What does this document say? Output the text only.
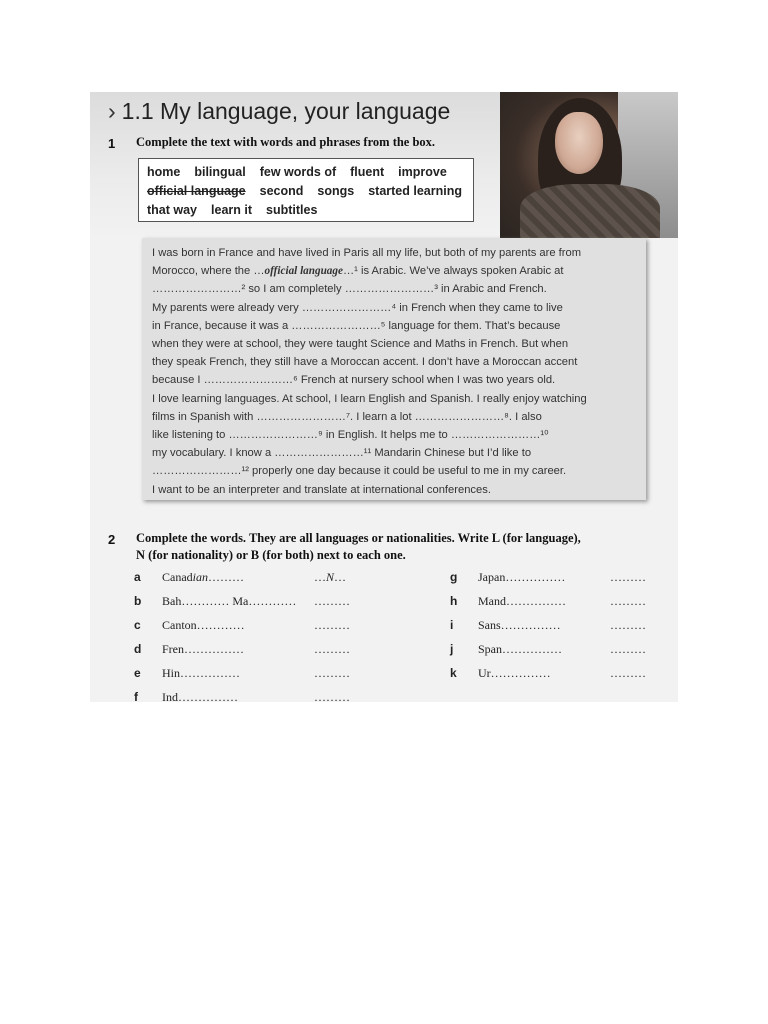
› 1.1 My language, your language
1 Complete the text with words and phrases from the box.
home bilingual few words of fluent improve
official language second songs started learning
that way learn it subtitles
I was born in France and have lived in Paris all my life, but both of my parents are from
Morocco, where the …official language…¹ is Arabic. We’ve always spoken Arabic at
……………………² so I am completely ……………………³ in Arabic and French.
My parents were already very ……………………⁴ in French when they came to live
in France, because it was a ……………………⁵ language for them. That’s because
when they were at school, they were taught Science and Maths in French. But when
they speak French, they still have a Moroccan accent. I don’t have a Moroccan accent
because I ……………………⁶ French at nursery school when I was two years old.
I love learning languages. At school, I learn English and Spanish. I really enjoy watching
films in Spanish with ……………………⁷. I learn a lot ……………………⁸. I also
like listening to ……………………⁹ in English. It helps me to ……………………¹⁰
my vocabulary. I know a ……………………¹¹ Mandarin Chinese but I’d like to
……………………¹² properly one day because it could be useful to me in my career.
I want to be an interpreter and translate at international conferences.
2 Complete the words. They are all languages or nationalities. Write L (for language),
N (for nationality) or B (for both) next to each one.
a Canadian………	…N…
b Bah………… Ma………… ………
c Canton…………	………
d Fren……………	………
e Hin……………	………
f Ind……………	………
g Japan……………	………
h Mand……………	………
i Sans……………	………
j Span……………	………
k Ur……………	………
